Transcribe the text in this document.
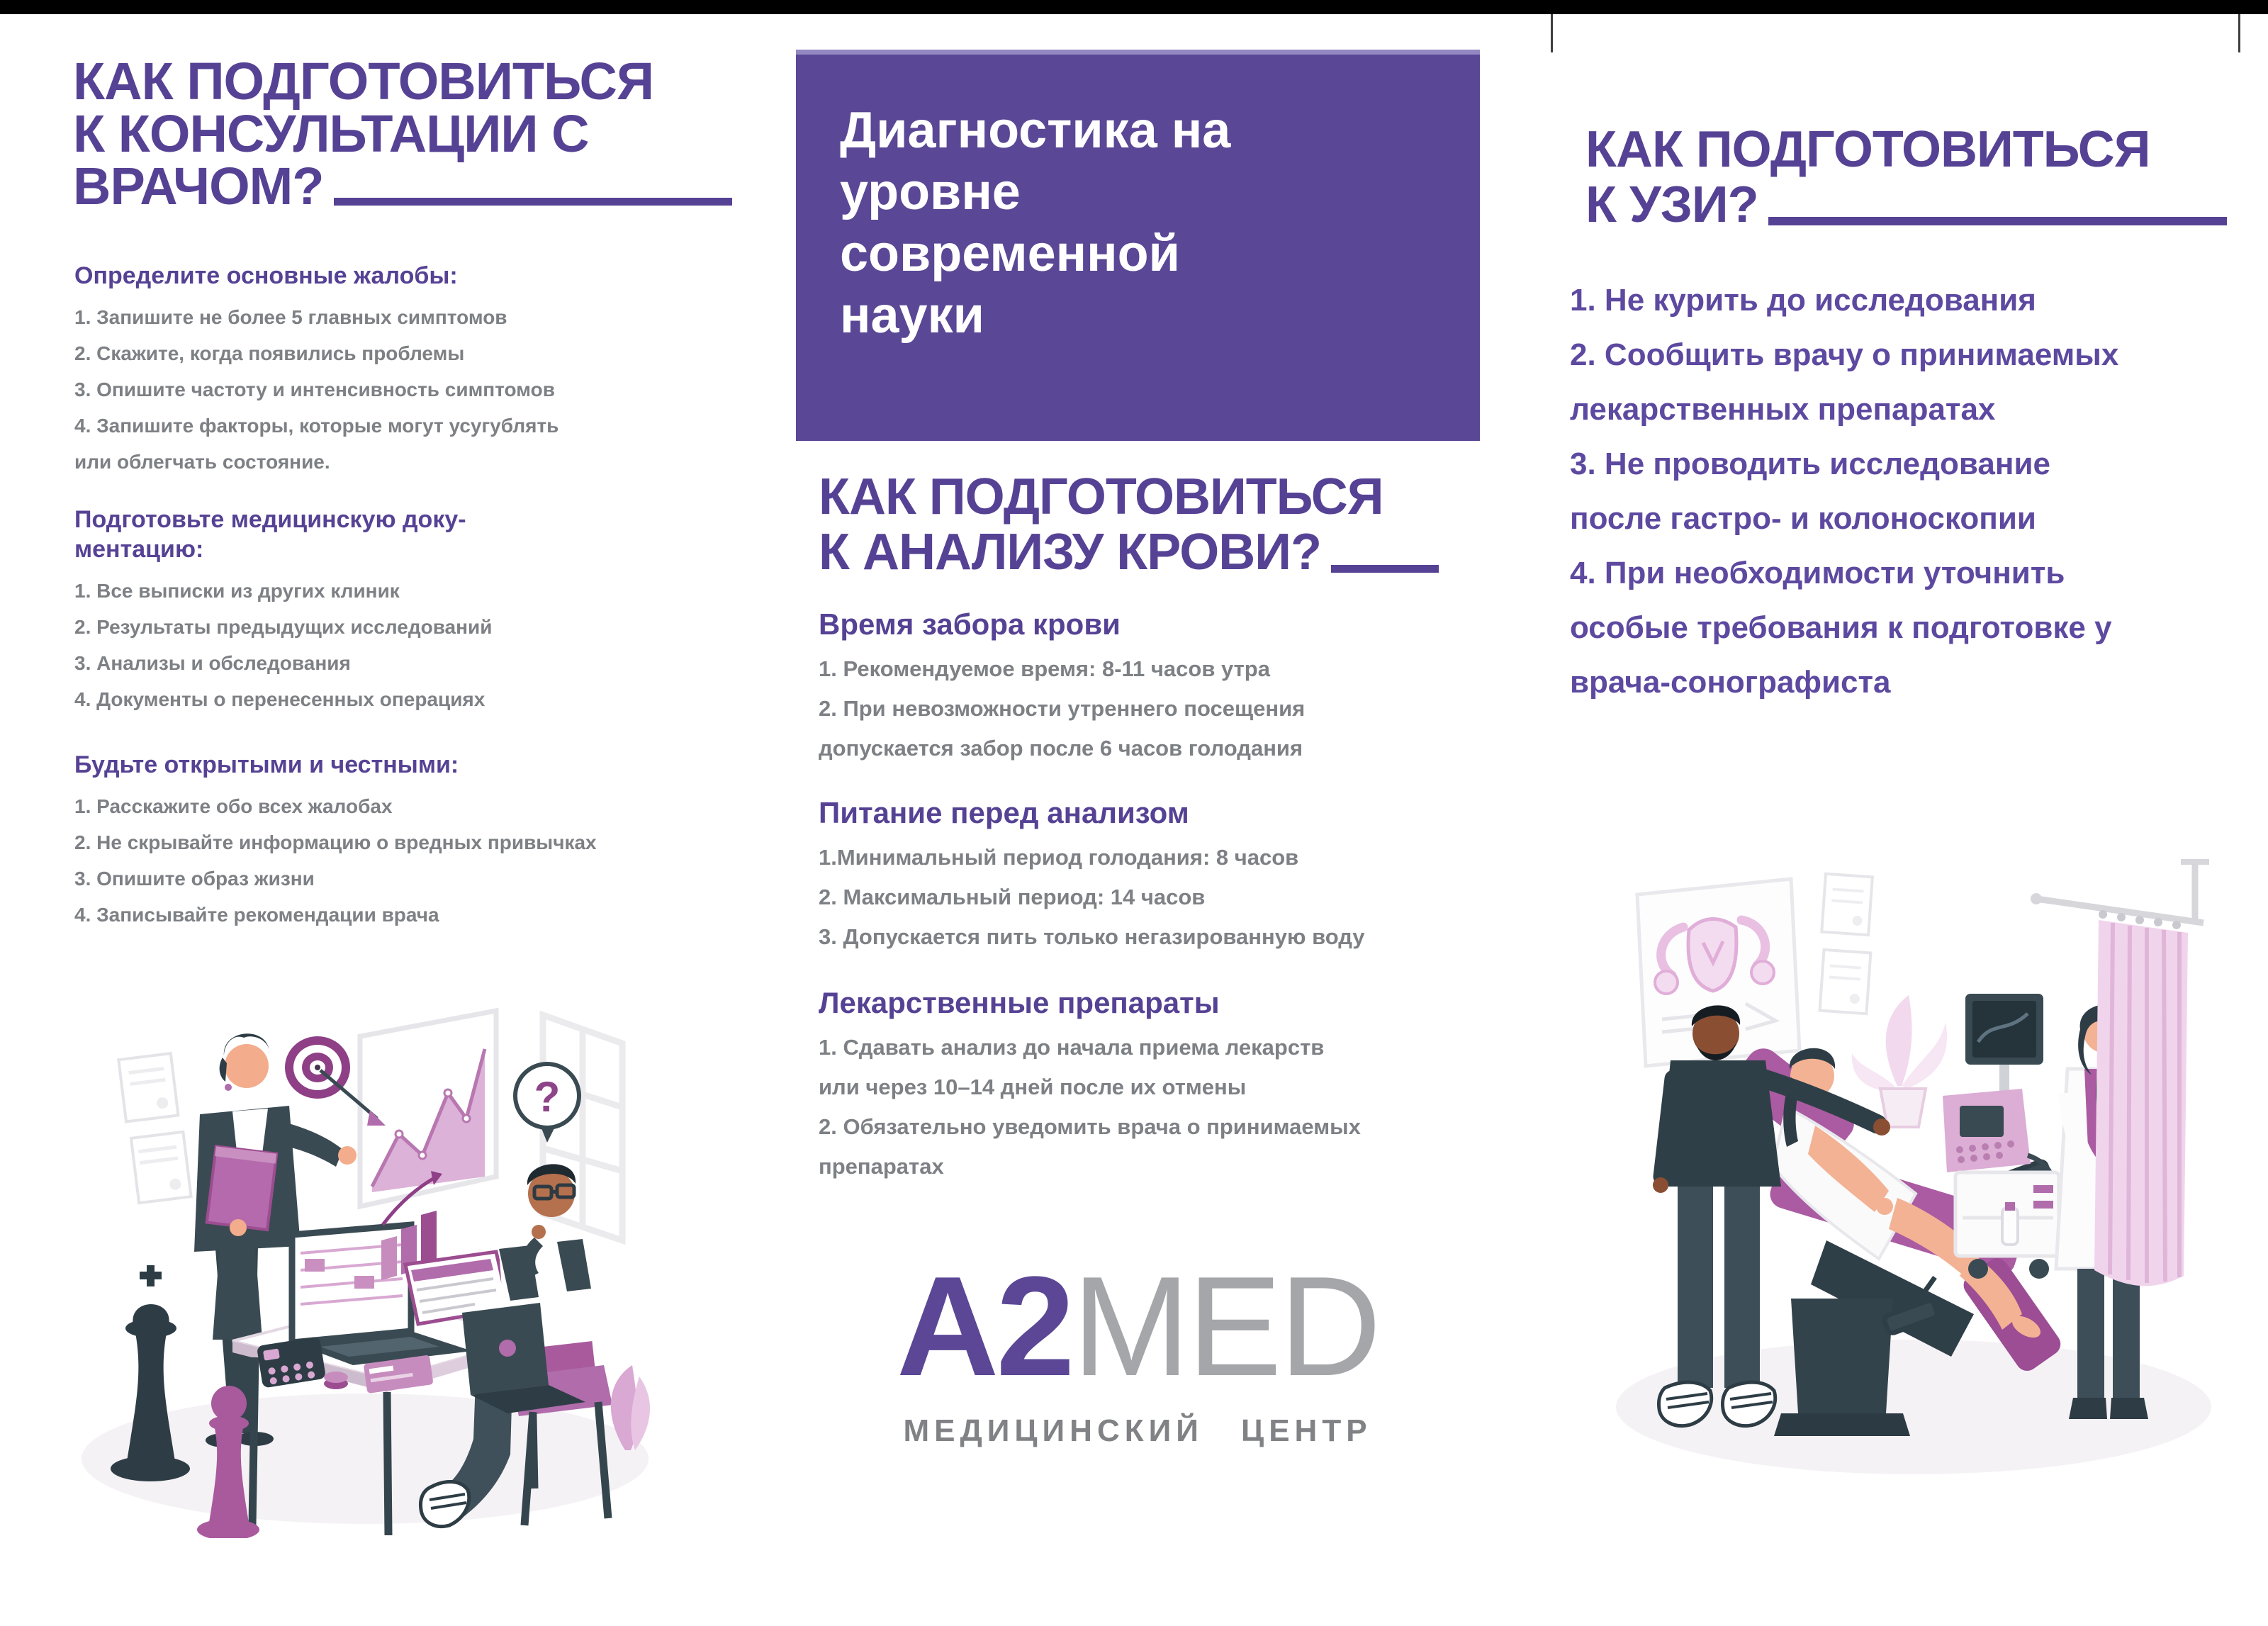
КАК ПОДГОТОВИТЬСЯ
К КОНСУЛЬТАЦИИ С
ВРАЧОМ?
Определите основные жалобы:
1. Запишите не более 5 главных симптомов
2. Скажите, когда появились проблемы
3. Опишите частоту и интенсивность симптомов
4. Запишите факторы, которые могут усугублять
или облегчать состояние.
Подготовьте медицинскую доку-
ментацию:
1. Все выписки из других клиник
2. Результаты предыдущих исследований
3. Анализы и обследования
4. Документы о перенесенных операциях
Будьте открытыми и честными:
1. Расскажите обо всех жалобах
2. Не скрывайте информацию о вредных привычках
3. Опишите образ жизни
4. Записывайте рекомендации врача
Диагностика на
уровне
современной
науки
КАК ПОДГОТОВИТЬСЯ
К АНАЛИЗУ КРОВИ?
Время забора крови
1. Рекомендуемое время: 8-11 часов утра
2. При невозможности утреннего посещения
допускается забор после 6 часов голодания
Питание перед анализом
1.Минимальный период голодания: 8 часов
2. Максимальный период: 14 часов
3. Допускается пить только негазированную воду
Лекарственные препараты
1. Сдавать анализ до начала приема лекарств
или через 10–14 дней после их отмены
2. Обязательно уведомить врача о принимаемых
препаратах
A2MED
МЕДИЦИНСКИЙ ЦЕНТР
КАК ПОДГОТОВИТЬСЯ
К УЗИ?
1. Не курить до исследования
2. Сообщить врачу о принимаемых
лекарственных препаратах
3. Не проводить исследование
после гастро- и колоноскопии
4. При необходимости уточнить
особые требования к подготовке у
врача-сонографиста
?
